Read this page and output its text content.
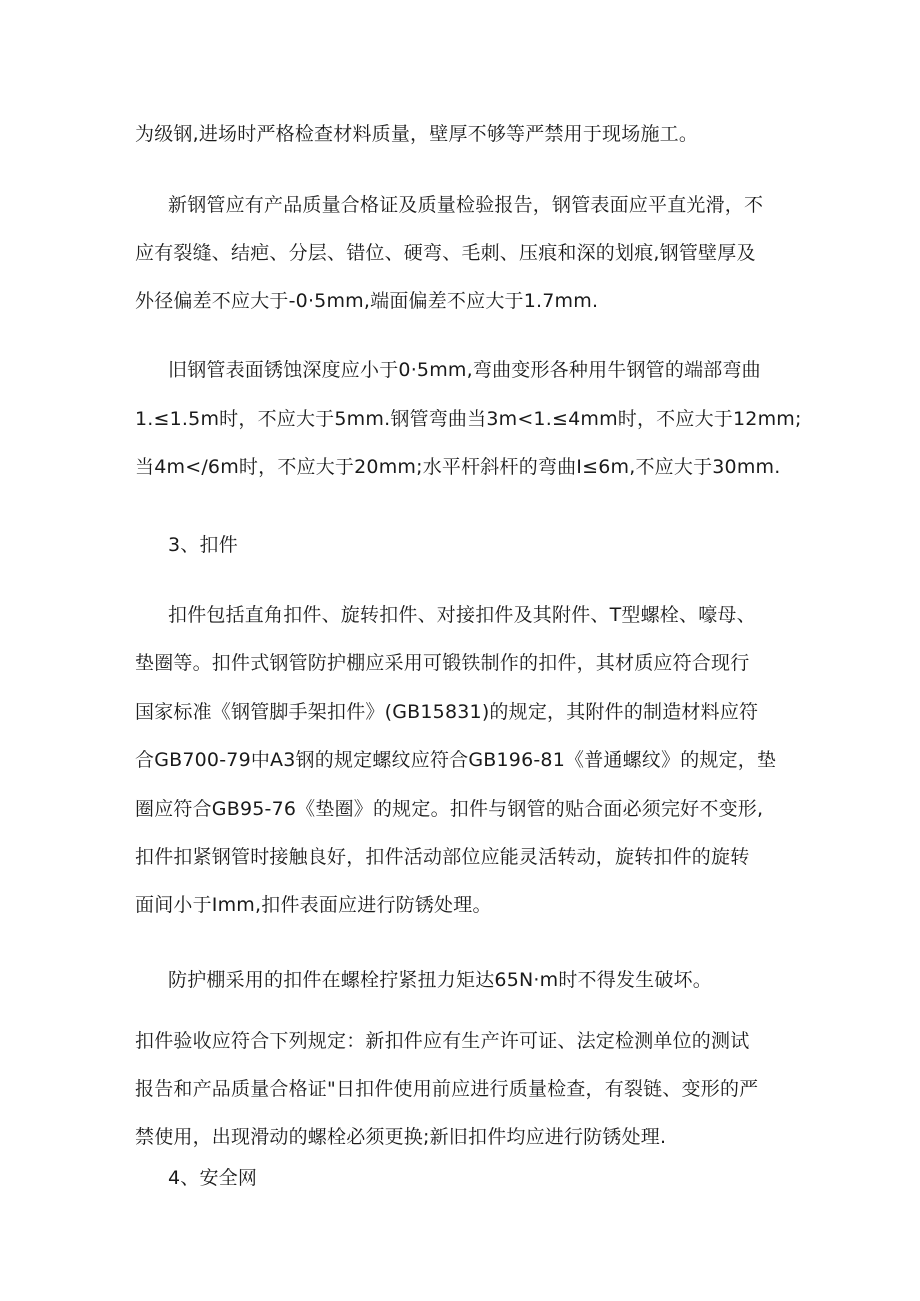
为级钢,进场时严格检查材料质量，壁厚不够等严禁用于现场施工。
新钢管应有产品质量合格证及质量检验报告，钢管表面应平直光滑，不
应有裂缝、结疤、分层、错位、硬弯、毛刺、压痕和深的划痕,钢管壁厚及
外径偏差不应大于-0·5mm,端面偏差不应大于1.7mm.
旧钢管表面锈蚀深度应小于0·5mm,弯曲变形各种用牛钢管的端部弯曲
1.≤1.5m时，不应大于5mm.钢管弯曲当3m<1.≤4mm时，不应大于12mm;
当4m</6m时，不应大于20mm;水平杆斜杆的弯曲I≤6m,不应大于30mm.
3、扣件
扣件包括直角扣件、旋转扣件、对接扣件及其附件、T型螺栓、嚎母、
垫圈等。扣件式钢管防护棚应采用可锻铁制作的扣件，其材质应符合现行
国家标准《钢管脚手架扣件》(GB15831)的规定，其附件的制造材料应符
合GB700-79中A3钢的规定螺纹应符合GB196-81《普通螺纹》的规定，垫
圈应符合GB95-76《垫圈》的规定。扣件与钢管的贴合面必须完好不变形,
扣件扣紧钢管时接触良好，扣件活动部位应能灵活转动，旋转扣件的旋转
面间小于Imm,扣件表面应进行防锈处理。
防护棚采用的扣件在螺栓拧紧扭力矩达65N·m时不得发生破坏。
扣件验收应符合下列规定：新扣件应有生产许可证、法定检测单位的测试
报告和产品质量合格证"日扣件使用前应进行质量检查，有裂链、变形的严
禁使用，出现滑动的螺栓必须更换;新旧扣件均应进行防锈处理.
4、安全网
